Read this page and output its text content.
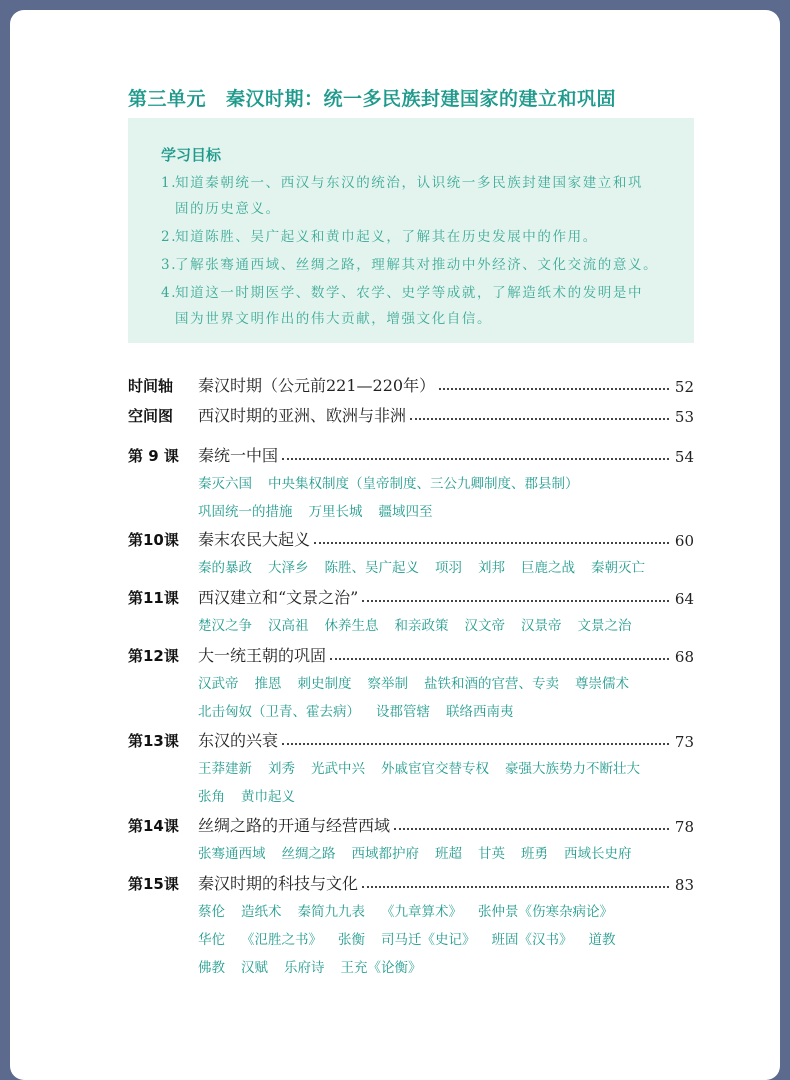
第三单元 秦汉时期：统一多民族封建国家的建立和巩固
学习目标
1.知道秦朝统一、西汉与东汉的统治，认识统一多民族封建国家建立和巩
固的历史意义。
2.知道陈胜、吴广起义和黄巾起义，了解其在历史发展中的作用。
3.了解张骞通西域、丝绸之路，理解其对推动中外经济、文化交流的意义。
4.知道这一时期医学、数学、农学、史学等成就，了解造纸术的发明是中
国为世界文明作出的伟大贡献，增强文化自信。
时间轴	秦汉时期（公元前221—220年）	52
空间图	西汉时期的亚洲、欧洲与非洲	53
第 9 课	秦统一中国	54
秦灭六国 中央集权制度（皇帝制度、三公九卿制度、郡县制）
巩固统一的措施 万里长城 疆域四至
第10课	秦末农民大起义	60
秦的暴政 大泽乡 陈胜、吴广起义 项羽 刘邦 巨鹿之战 秦朝灭亡
第11课	西汉建立和“文景之治”	64
楚汉之争 汉高祖 休养生息 和亲政策 汉文帝 汉景帝 文景之治
第12课	大一统王朝的巩固	68
汉武帝 推恩 刺史制度 察举制 盐铁和酒的官营、专卖 尊崇儒术
北击匈奴（卫青、霍去病） 设郡管辖 联络西南夷
第13课	东汉的兴衰	73
王莽建新 刘秀 光武中兴 外戚宦官交替专权 豪强大族势力不断壮大
张角 黄巾起义
第14课	丝绸之路的开通与经营西域	78
张骞通西域 丝绸之路 西域都护府 班超 甘英 班勇 西域长史府
第15课	秦汉时期的科技与文化	83
蔡伦 造纸术 秦简九九表 《九章算术》 张仲景《伤寒杂病论》
华佗 《氾胜之书》 张衡 司马迁《史记》 班固《汉书》 道教
佛教 汉赋 乐府诗 王充《论衡》
